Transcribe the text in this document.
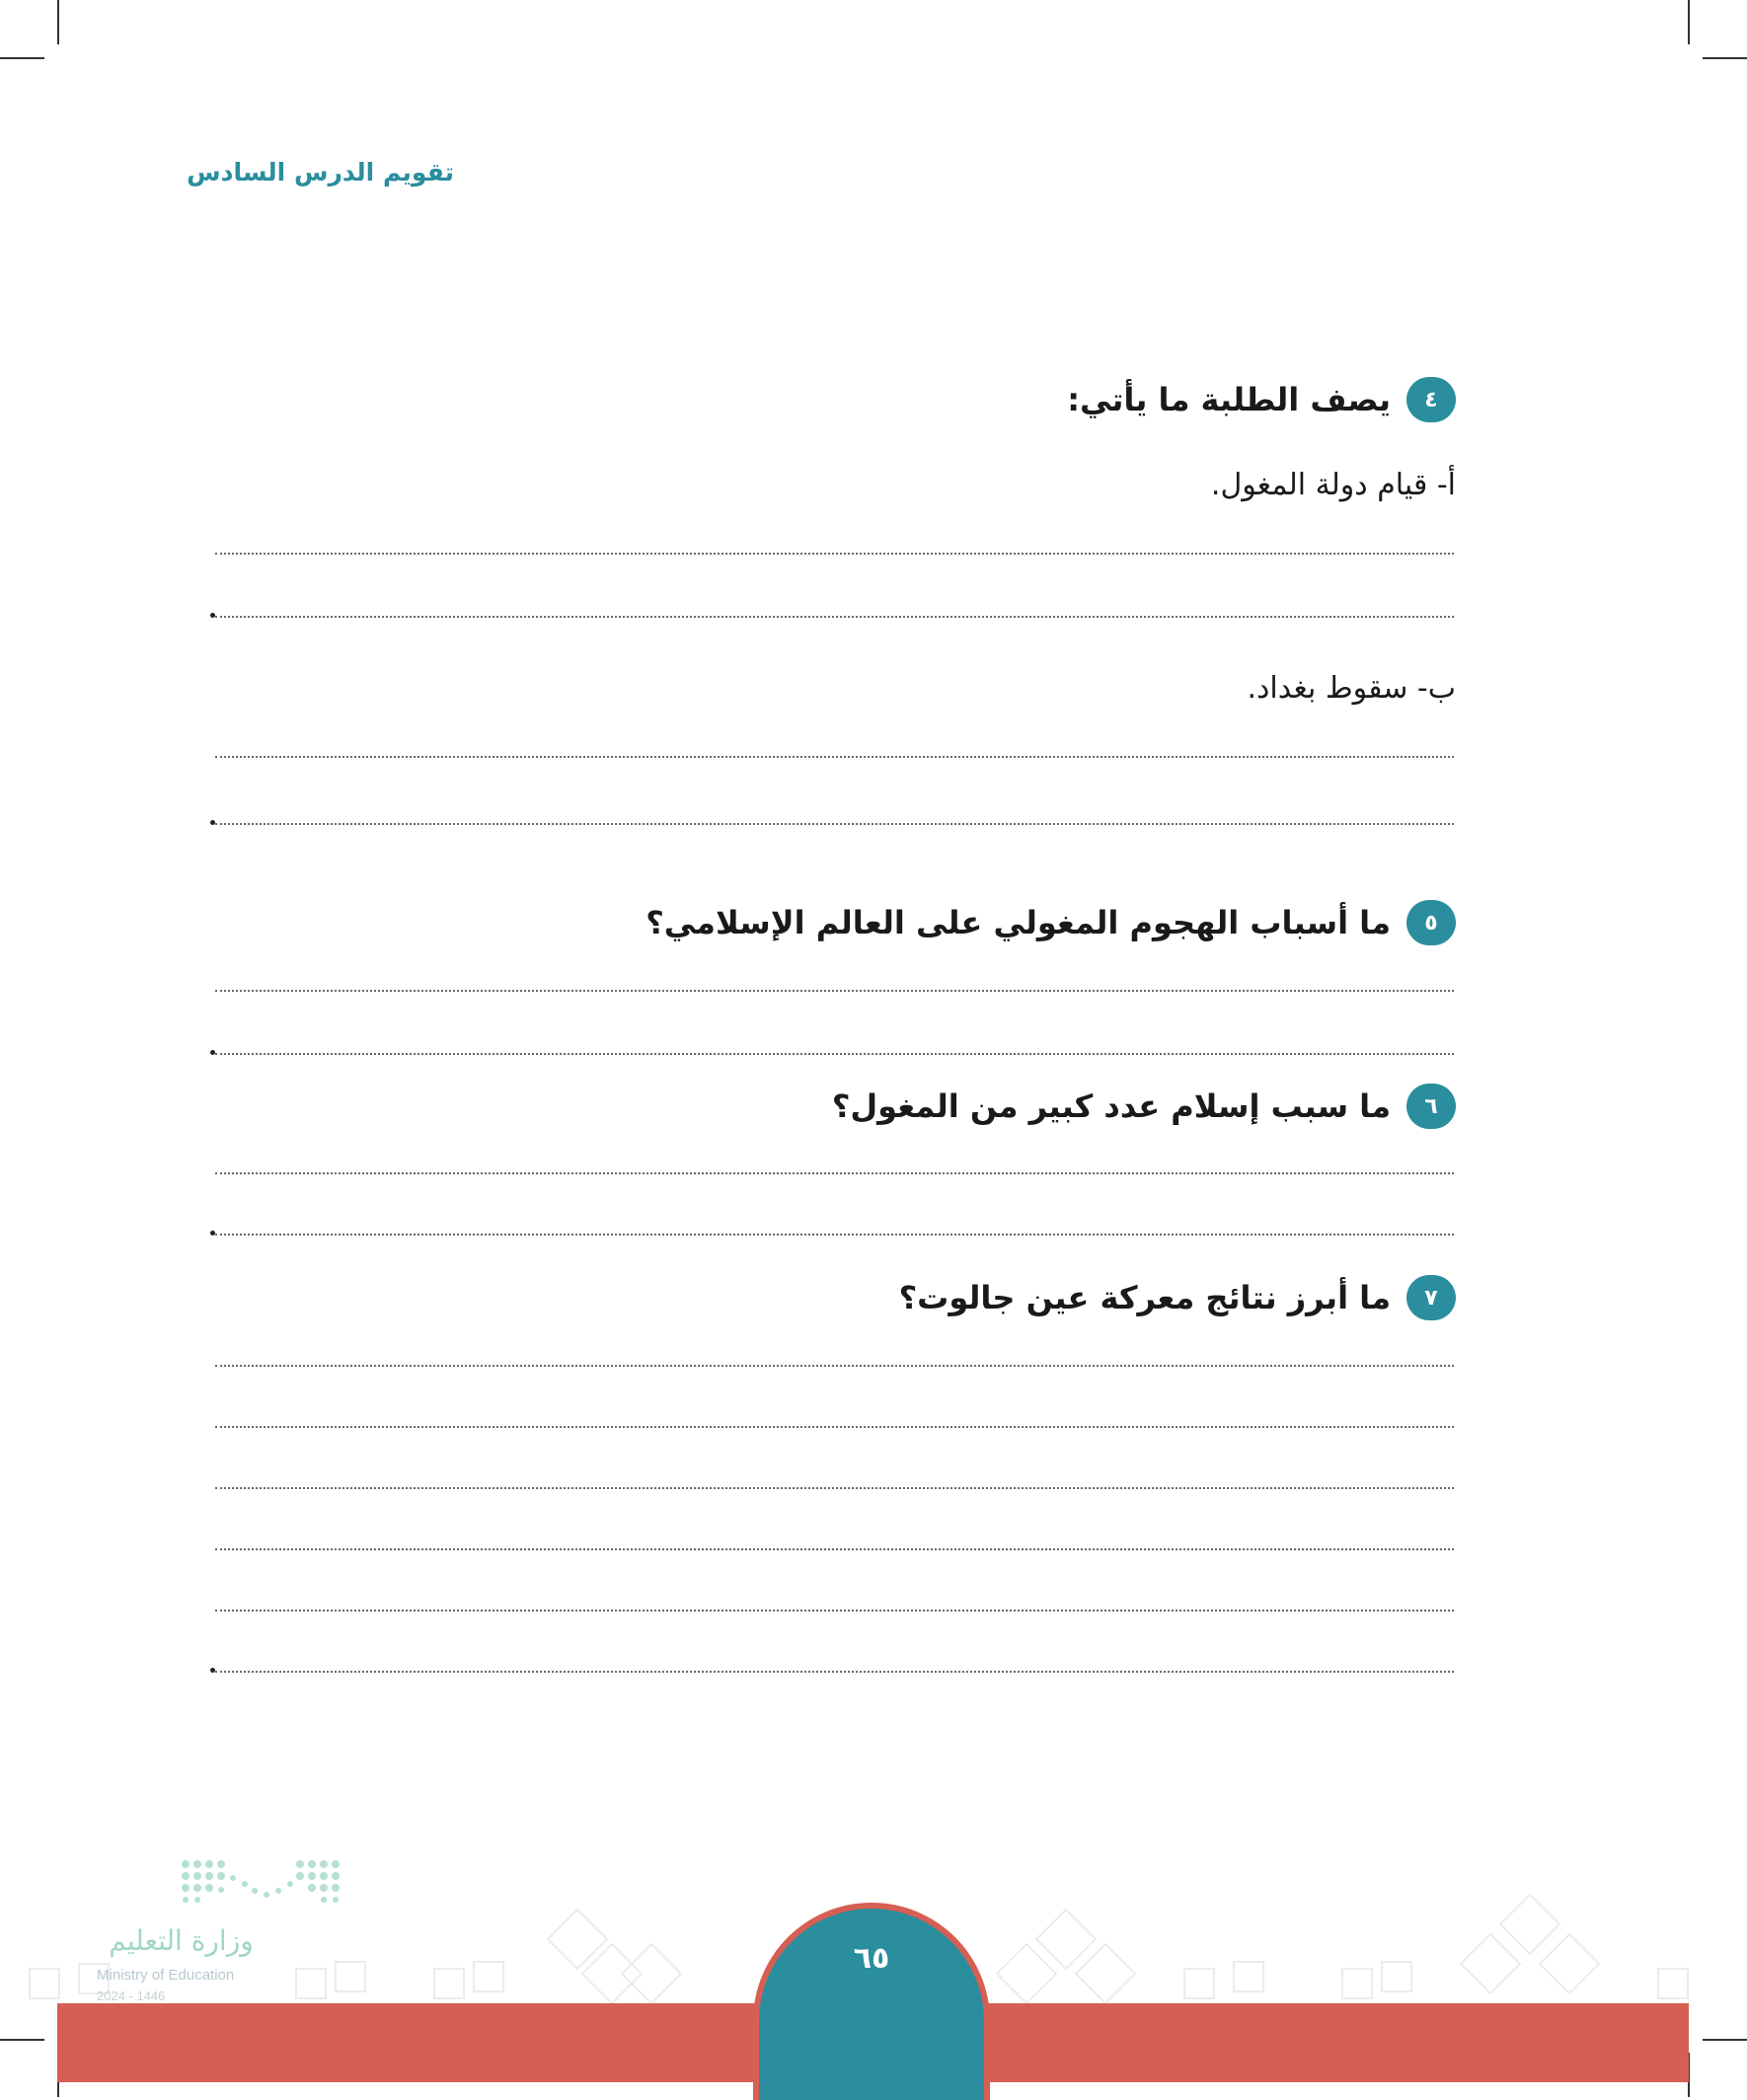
تقويم الدرس السادس
٤
يصف الطلبة ما يأتي:
أ- قيام دولة المغول.
ب- سقوط بغداد.
٥
ما أسباب الهجوم المغولي على العالم الإسلامي؟
٦
ما سبب إسلام عدد كبير من المغول؟
٧
ما أبرز نتائج معركة عين جالوت؟
٦٥
وزارة التعليم
Ministry of Education
2024 - 1446
